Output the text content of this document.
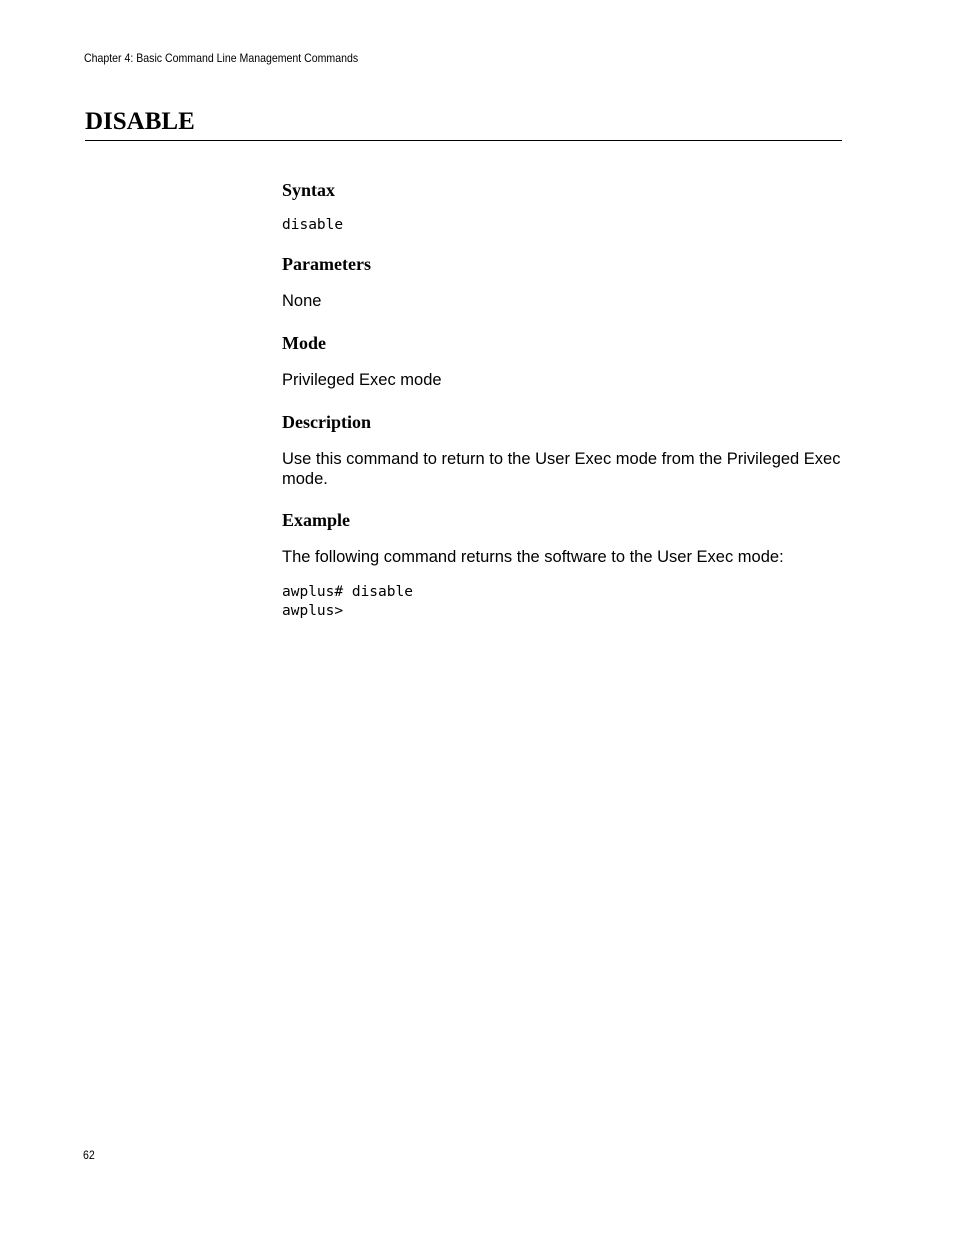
Chapter 4: Basic Command Line Management Commands
DISABLE
Syntax

disable

Parameters

None

Mode

Privileged Exec mode

Description

Use this command to return to the User Exec mode from the Privileged Exec mode.

Example

The following command returns the software to the User Exec mode:

awplus# disable
awplus>
62
